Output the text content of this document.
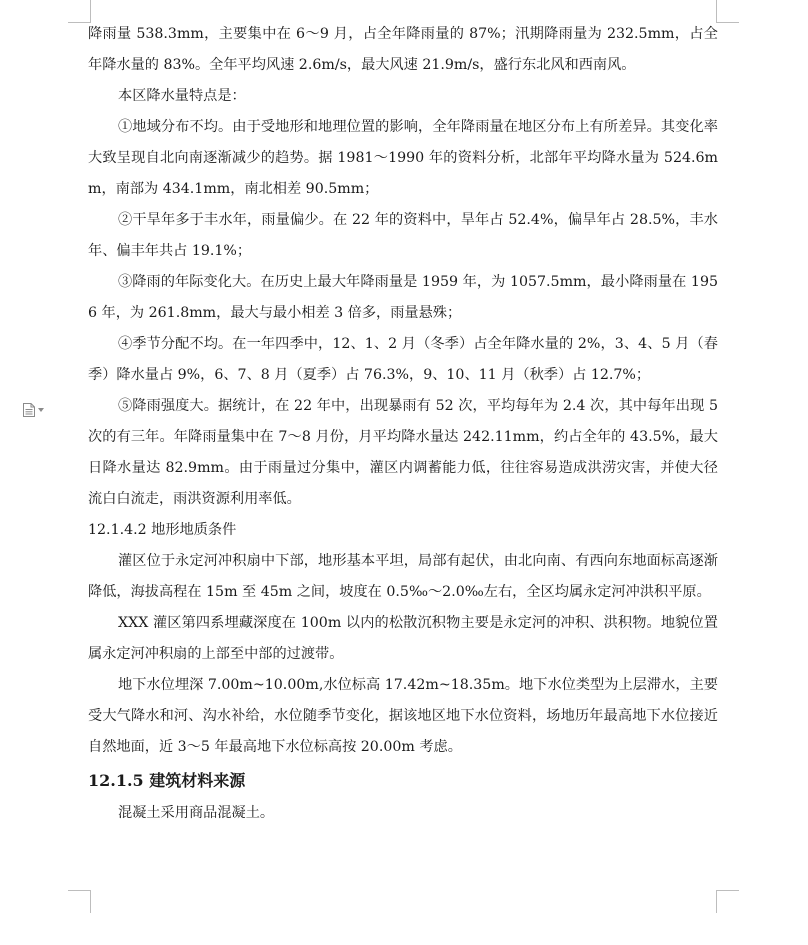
降雨量 538.3mm，主要集中在 6～9 月，占全年降雨量的 87%；汛期降雨量为 232.5mm，占全年降水量的 83%。全年平均风速 2.6m/s，最大风速 21.9m/s，盛行东北风和西南风。

本区降水量特点是：

①地域分布不均。由于受地形和地理位置的影响，全年降雨量在地区分布上有所差异。其变化率大致呈现自北向南逐渐减少的趋势。据 1981～1990 年的资料分析，北部年平均降水量为 524.6mm，南部为 434.1mm，南北相差 90.5mm；

②干旱年多于丰水年，雨量偏少。在 22 年的资料中，旱年占 52.4%，偏旱年占 28.5%，丰水年、偏丰年共占 19.1%；

③降雨的年际变化大。在历史上最大年降雨量是 1959 年，为 1057.5mm，最小降雨量在 1956 年，为 261.8mm，最大与最小相差 3 倍多，雨量悬殊；

④季节分配不均。在一年四季中，12、1、2 月（冬季）占全年降水量的 2%，3、4、5 月（春季）降水量占 9%，6、7、8 月（夏季）占 76.3%，9、10、11 月（秋季）占 12.7%；

⑤降雨强度大。据统计，在 22 年中，出现暴雨有 52 次，平均每年为 2.4 次，其中每年出现 5 次的有三年。年降雨量集中在 7～8 月份，月平均降水量达 242.11mm，约占全年的 43.5%，最大日降水量达 82.9mm。由于雨量过分集中，灌区内调蓄能力低，往往容易造成洪涝灾害，并使大径流白白流走，雨洪资源利用率低。

12.1.4.2 地形地质条件

灌区位于永定河冲积扇中下部，地形基本平坦，局部有起伏，由北向南、有西向东地面标高逐渐降低，海拔高程在 15m 至 45m 之间，坡度在 0.5‰～2.0‰左右，全区均属永定河冲洪积平原。

XXX 灌区第四系埋藏深度在 100m 以内的松散沉积物主要是永定河的冲积、洪积物。地貌位置属永定河冲积扇的上部至中部的过渡带。

地下水位埋深 7.00m~10.00m,水位标高 17.42m~18.35m。地下水位类型为上层滞水，主要受大气降水和河、沟水补给，水位随季节变化，据该地区地下水位资料，场地历年最高地下水位接近自然地面，近 3～5 年最高地下水位标高按 20.00m 考虑。

12.1.5 建筑材料来源

混凝土采用商品混凝土。
